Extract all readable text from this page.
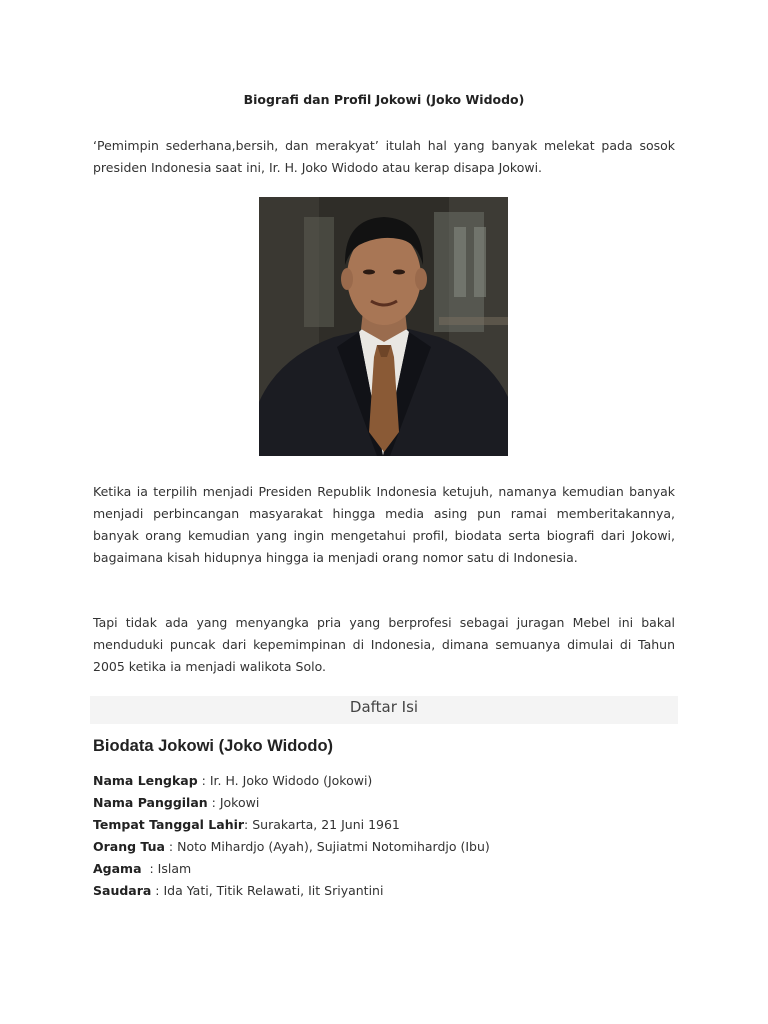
Biografi dan Profil Jokowi (Joko Widodo)

‘Pemimpin sederhana,bersih, dan merakyat’ itulah hal yang banyak melekat pada sosok presiden Indonesia saat ini, Ir. H. Joko Widodo atau kerap disapa Jokowi.

Ketika ia terpilih menjadi Presiden Republik Indonesia ketujuh, namanya kemudian banyak menjadi perbincangan masyarakat hingga media asing pun ramai memberitakannya, banyak orang kemudian yang ingin mengetahui profil, biodata serta biografi dari Jokowi, bagaimana kisah hidupnya hingga ia menjadi orang nomor satu di Indonesia.

Tapi tidak ada yang menyangka pria yang berprofesi sebagai juragan Mebel ini bakal menduduki puncak dari kepemimpinan di Indonesia, dimana semuanya dimulai di Tahun 2005 ketika ia menjadi walikota Solo.

Daftar Isi
Biodata Jokowi (Joko Widodo)
Nama Lengkap : Ir. H. Joko Widodo (Jokowi)
Nama Panggilan : Jokowi
Tempat Tanggal Lahir: Surakarta, 21 Juni 1961
Orang Tua : Noto Mihardjo (Ayah), Sujiatmi Notomihardjo (Ibu)
Agama  : Islam
Saudara : Ida Yati, Titik Relawati, Iit Sriyantini
